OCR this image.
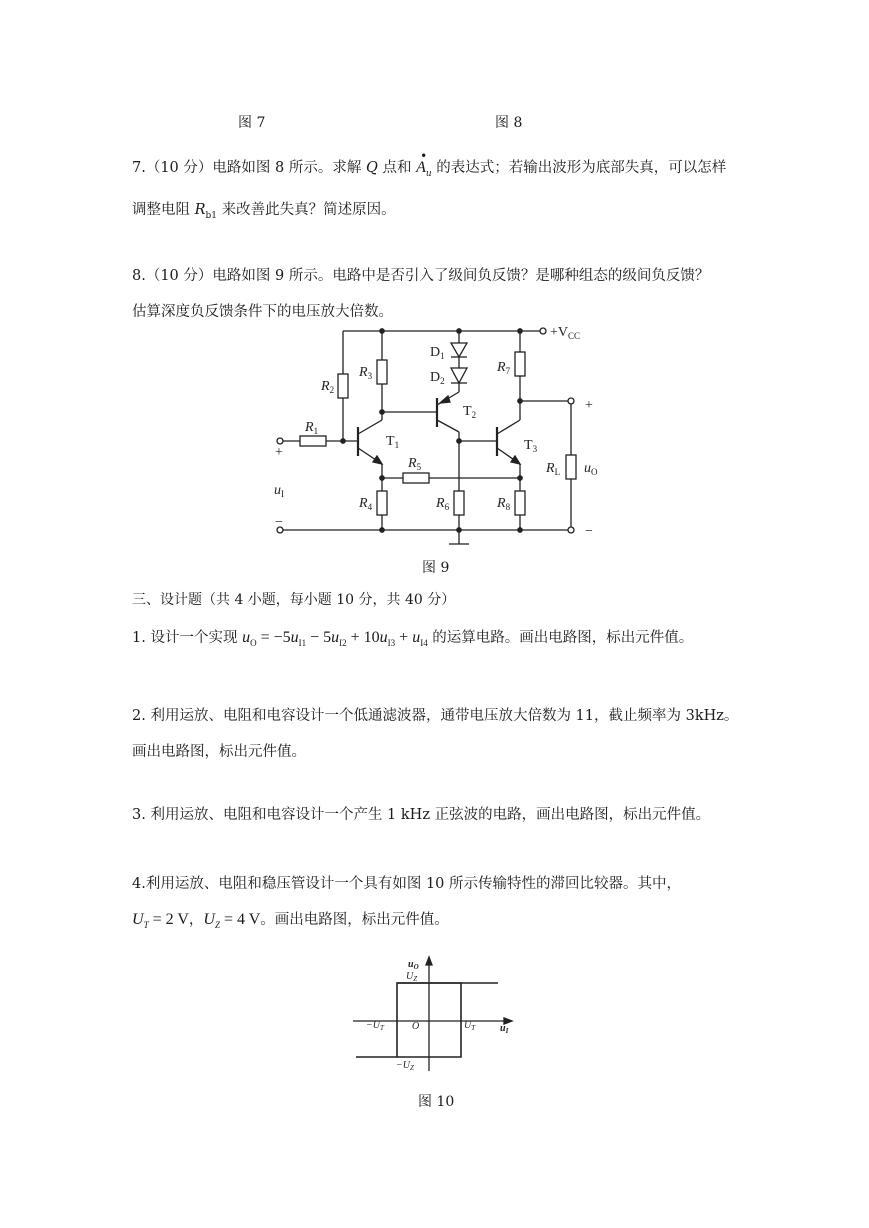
图 7	图 8
7.（10 分）电路如图 8 所示。求解 Q 点和
•
$A_u$ 的表达式；若输出波形为底部失真，可以怎样
调整电阻 $R_{b1}$ 来改善此失真？简述原因。
8.（10 分）电路如图 9 所示。电路中是否引入了级间负反馈？是哪种组态的级间负反馈？
估算深度负反馈条件下的电压放大倍数。
$+V_{CC}$
$R_2$
$R_3$
$R_1$
$D_1$
$D_2$
$R_7$
$T_2$
$T_1$	$T_3$
$R_5$	$R_L$ $u_O$
$R_4$	$R_6$	$R_8$
$u_I$
+
−
+
−
图 9
三、设计题（共 4 小题，每小题 10 分，共 40 分）
1. 设计一个实现 $u_O = -5u_{I1} - 5u_{I2} + 10u_{I3} + u_{I4}$ 的运算电路。画出电路图，标出元件值。
2. 利用运放、电阻和电容设计一个低通滤波器，通带电压放大倍数为 11，截止频率为 3kHz。
画出电路图，标出元件值。
3. 利用运放、电阻和电容设计一个产生 1 kHz 正弦波的电路，画出电路图，标出元件值。
4.利用运放、电阻和稳压管设计一个具有如图 10 所示传输特性的滞回比较器。其中，
$U_T = 2$ V，$U_Z = 4$ V。画出电路图，标出元件值。
$u_O$
$U_Z$
$-U_T$	O	$U_T$ $u_I$
$-U_Z$
图 10
